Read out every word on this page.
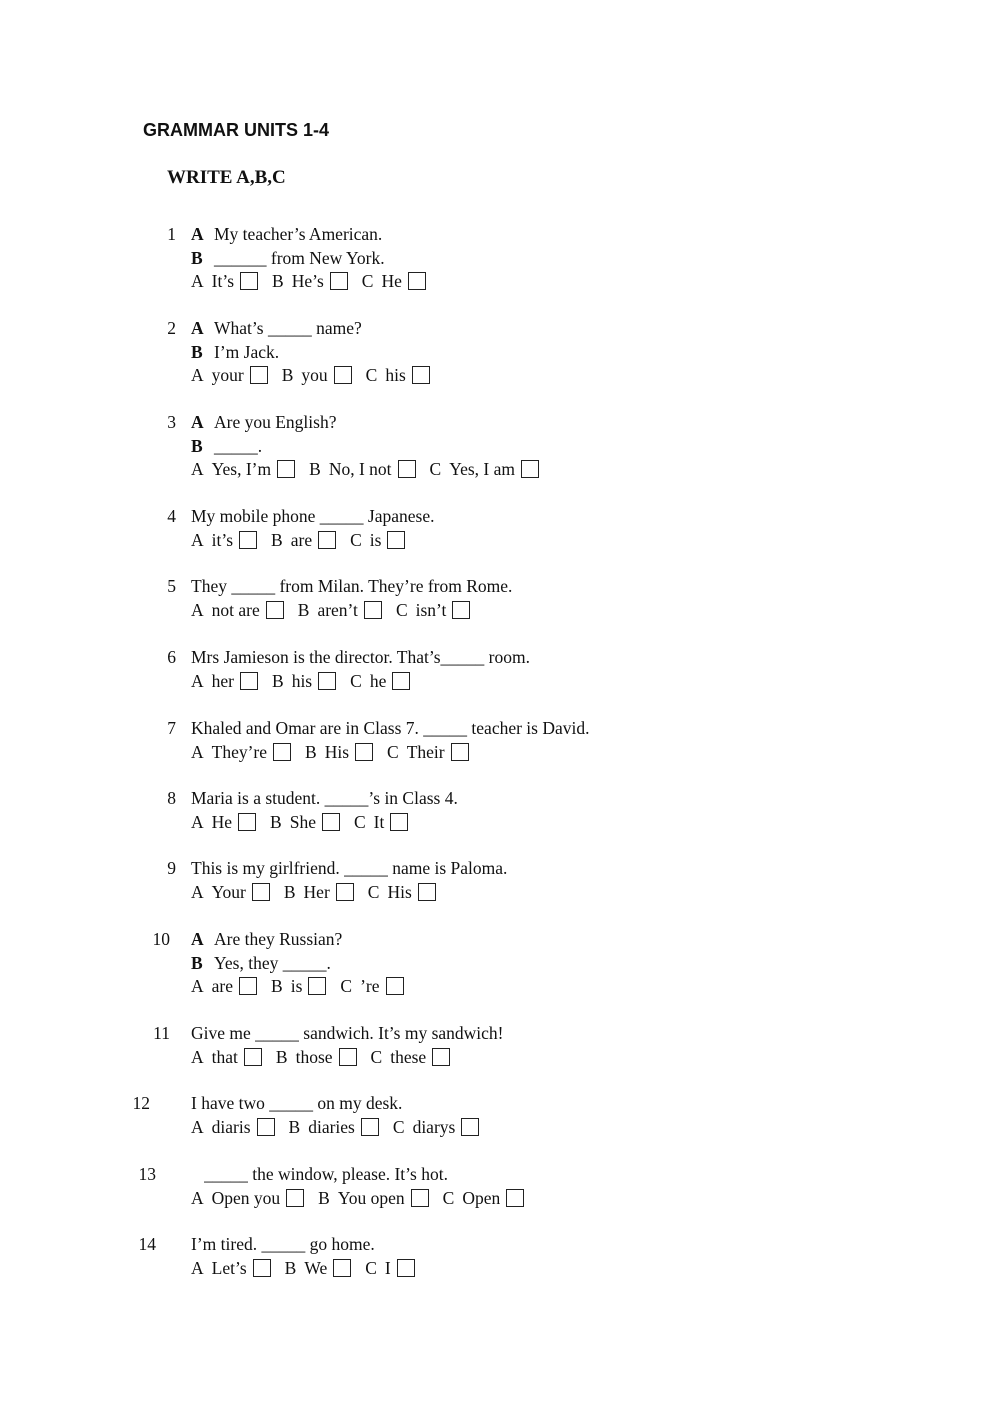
GRAMMAR UNITS 1-4
WRITE A,B,C
1 A My teacher’s American.
B ______ from New York.
A It’s B He’s C He
2 A What’s _____ name?
B I’m Jack.
A your B you C his
3 A Are you English?
B _____.
A Yes, I’m B No, I not C Yes, I am
4 My mobile phone _____ Japanese.
A it’s B are C is
5 They _____ from Milan. They’re from Rome.
A not are B aren’t C isn’t
6 Mrs Jamieson is the director. That’s_____ room.
A her B his C he
7 Khaled and Omar are in Class 7. _____ teacher is David.
A They’re B His C Their
8 Maria is a student. _____’s in Class 4.
A He B She C It
9 This is my girlfriend. _____ name is Paloma.
A Your B Her C His
10 A Are they Russian?
B Yes, they _____.
A are B is C ’re
11 Give me _____ sandwich. It’s my sandwich!
A that B those C these
12 I have two _____ on my desk.
A diaris B diaries C diarys
13 _____ the window, please. It’s hot.
A Open you B You open C Open
14 I’m tired. _____ go home.
A Let’s B We C I
